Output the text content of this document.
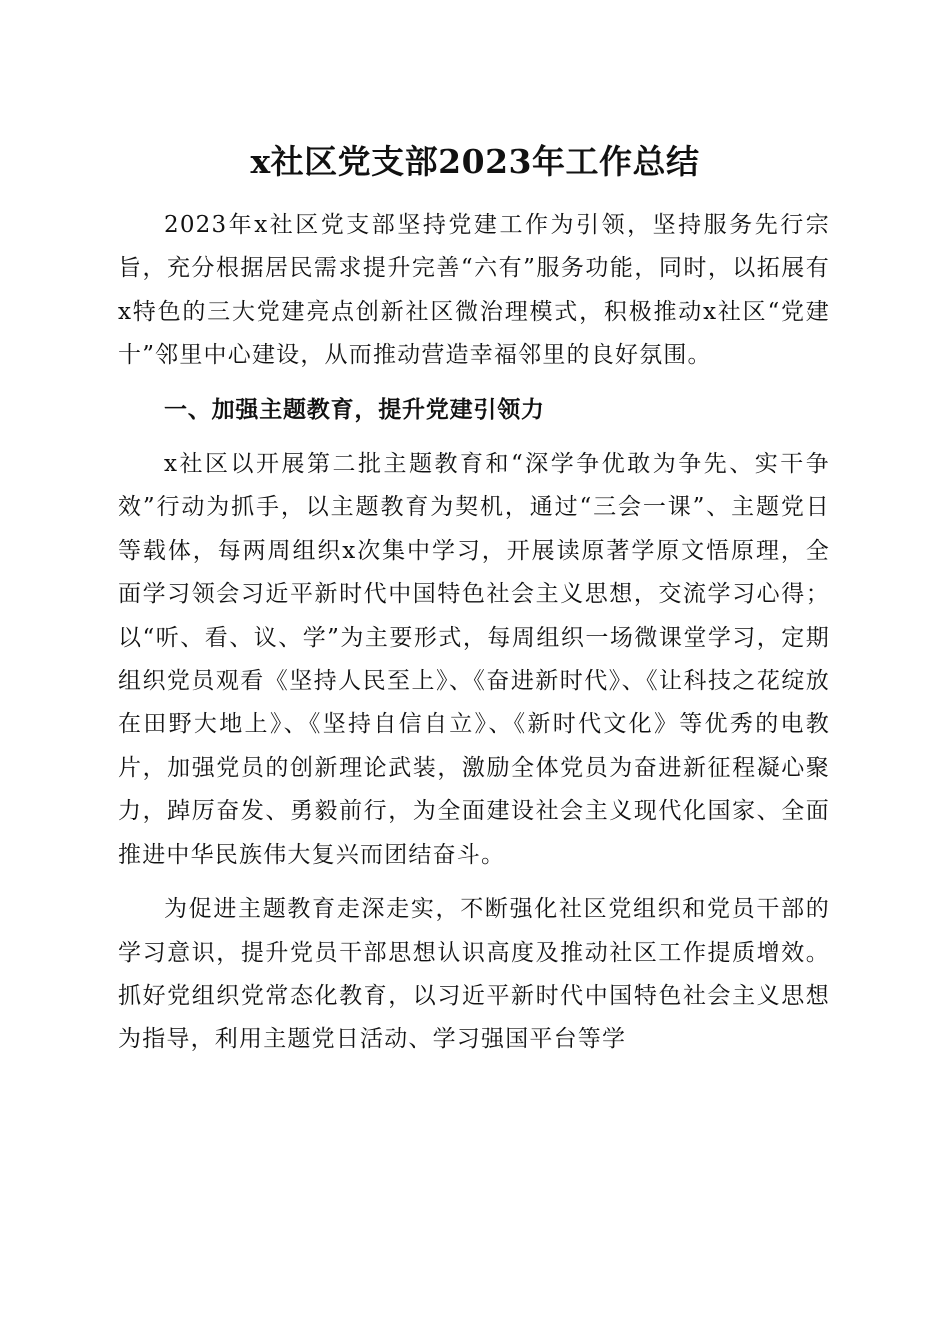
x社区党支部2023年工作总结

2023年x社区党支部坚持党建工作为引领，坚持服务先行宗旨，充分根据居民需求提升完善“六有”服务功能，同时，以拓展有x特色的三大党建亮点创新社区微治理模式，积极推动x社区“党建十”邻里中心建设，从而推动营造幸福邻里的良好氛围。

一、加强主题教育，提升党建引领力

x社区以开展第二批主题教育和“深学争优敢为争先、实干争效”行动为抓手，以主题教育为契机，通过“三会一课”、主题党日等载体，每两周组织x次集中学习，开展读原著学原文悟原理，全面学习领会习近平新时代中国特色社会主义思想，交流学习心得；以“听、看、议、学”为主要形式，每周组织一场微课堂学习，定期组织党员观看《坚持人民至上》、《奋进新时代》、《让科技之花绽放在田野大地上》、《坚持自信自立》、《新时代文化》等优秀的电教片，加强党员的创新理论武装，激励全体党员为奋进新征程凝心聚力，踔厉奋发、勇毅前行，为全面建设社会主义现代化国家、全面推进中华民族伟大复兴而团结奋斗。

为促进主题教育走深走实，不断强化社区党组织和党员干部的学习意识，提升党员干部思想认识高度及推动社区工作提质增效。抓好党组织党常态化教育，以习近平新时代中国特色社会主义思想为指导，利用主题党日活动、学习强国平台等学
